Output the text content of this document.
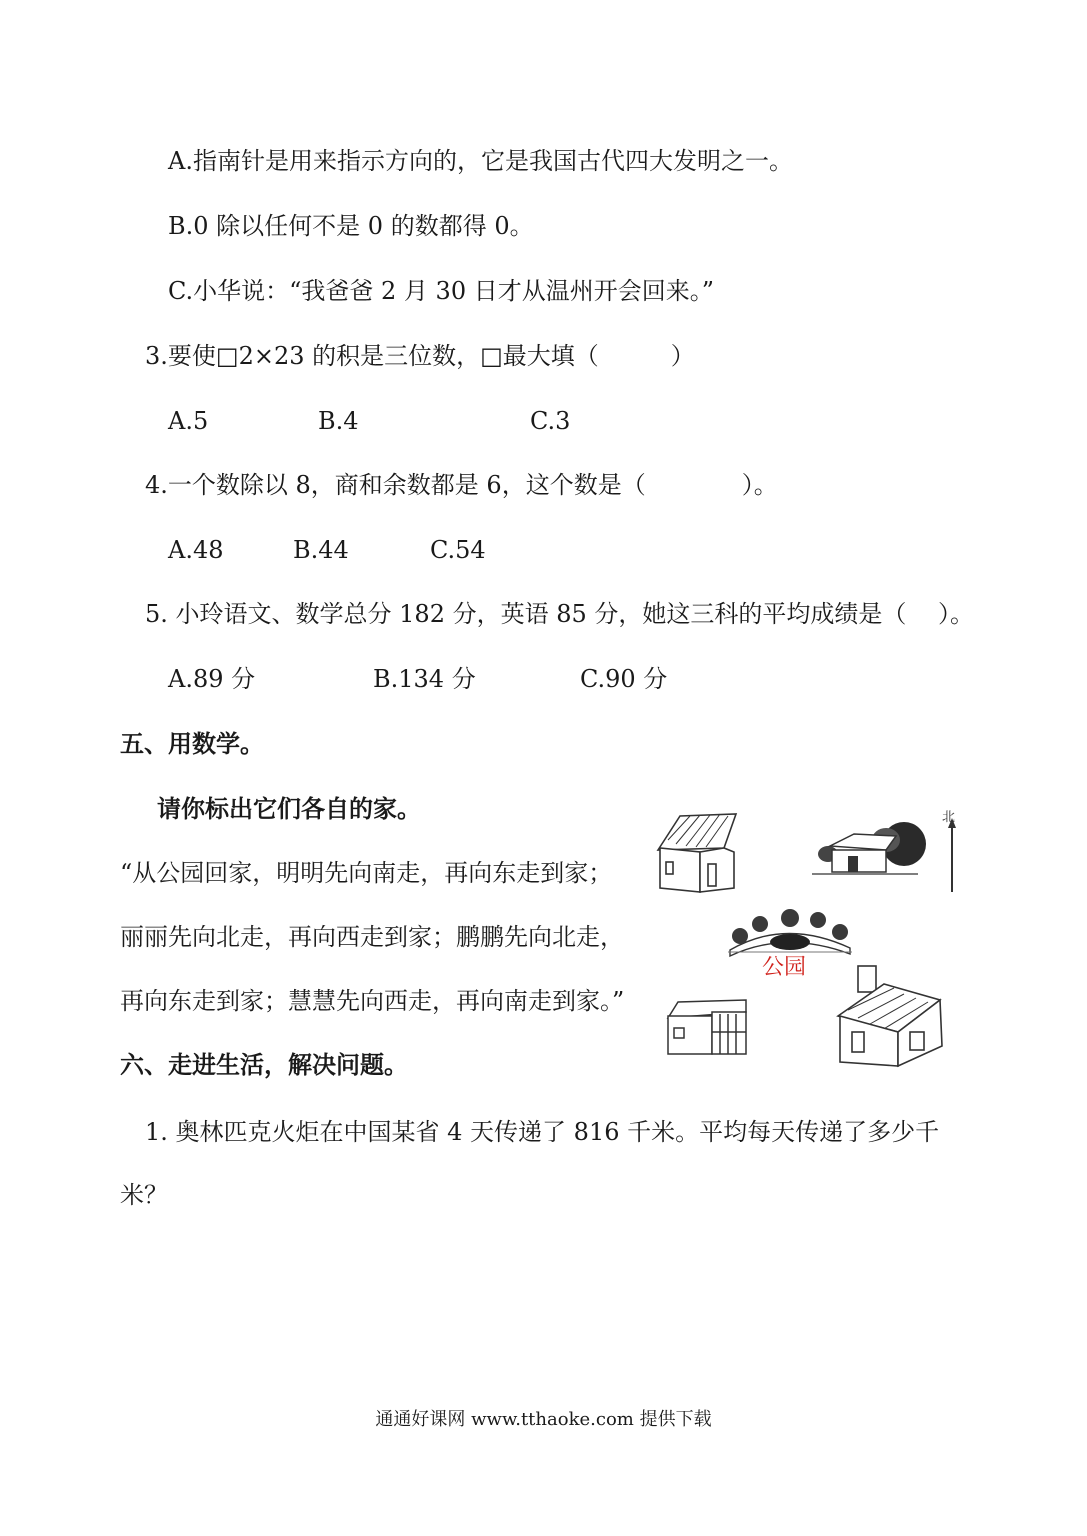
A.指南针是用来指示方向的，它是我国古代四大发明之一。
B.0 除以任何不是 0 的数都得 0。
C.小华说：“我爸爸 2 月 30 日才从温州开会回来。”
3.要使□2×23 的积是三位数，□最大填（　　　）
A.5	B.4	C.3
4.一个数除以 8，商和余数都是 6，这个数是（　　　　）。
A.48	B.44	C.54
5. 小玲语文、数学总分 182 分，英语 85 分，她这三科的平均成绩是（　 ）。
A.89 分	B.134 分	C.90 分
五、用数学。
请你标出它们各自的家。
“从公园回家，明明先向南走，再向东走到家；
丽丽先向北走，再向西走到家；鹏鹏先向北走，
再向东走到家；慧慧先向西走，再向南走到家。”
公园
北
六、走进生活，解决问题。
1. 奥林匹克火炬在中国某省 4 天传递了 816 千米。平均每天传递了多少千
米？
通通好课网 www.tthaoke.com 提供下载
